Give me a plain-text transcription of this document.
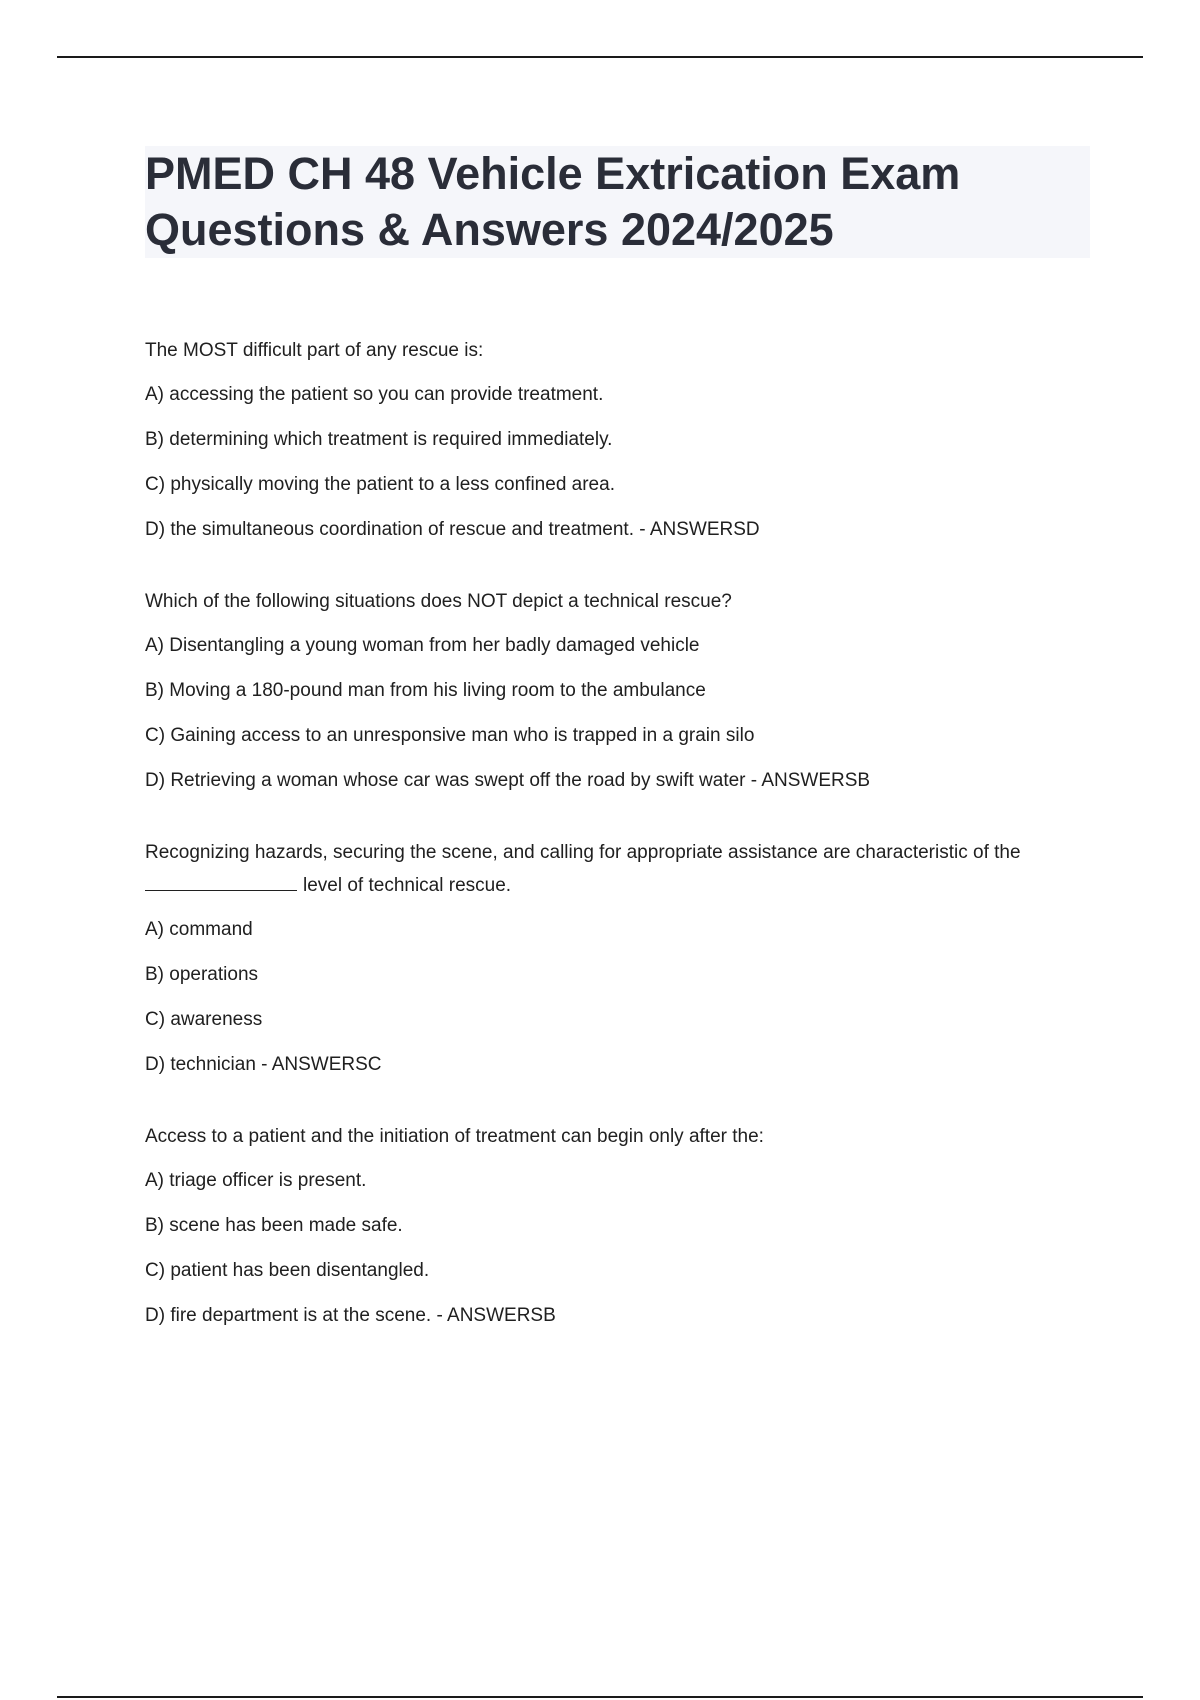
PMED CH 48 Vehicle Extrication Exam Questions & Answers 2024/2025

The MOST difficult part of any rescue is:

A) accessing the patient so you can provide treatment.

B) determining which treatment is required immediately.

C) physically moving the patient to a less confined area.

D) the simultaneous coordination of rescue and treatment. - ANSWERSD

Which of the following situations does NOT depict a technical rescue?

A) Disentangling a young woman from her badly damaged vehicle

B) Moving a 180-pound man from his living room to the ambulance

C) Gaining access to an unresponsive man who is trapped in a grain silo

D) Retrieving a woman whose car was swept off the road by swift water - ANSWERSB

Recognizing hazards, securing the scene, and calling for appropriate assistance are characteristic of the
level of technical rescue.

A) command

B) operations

C) awareness

D) technician - ANSWERSC

Access to a patient and the initiation of treatment can begin only after the:

A) triage officer is present.

B) scene has been made safe.

C) patient has been disentangled.

D) fire department is at the scene. - ANSWERSB
